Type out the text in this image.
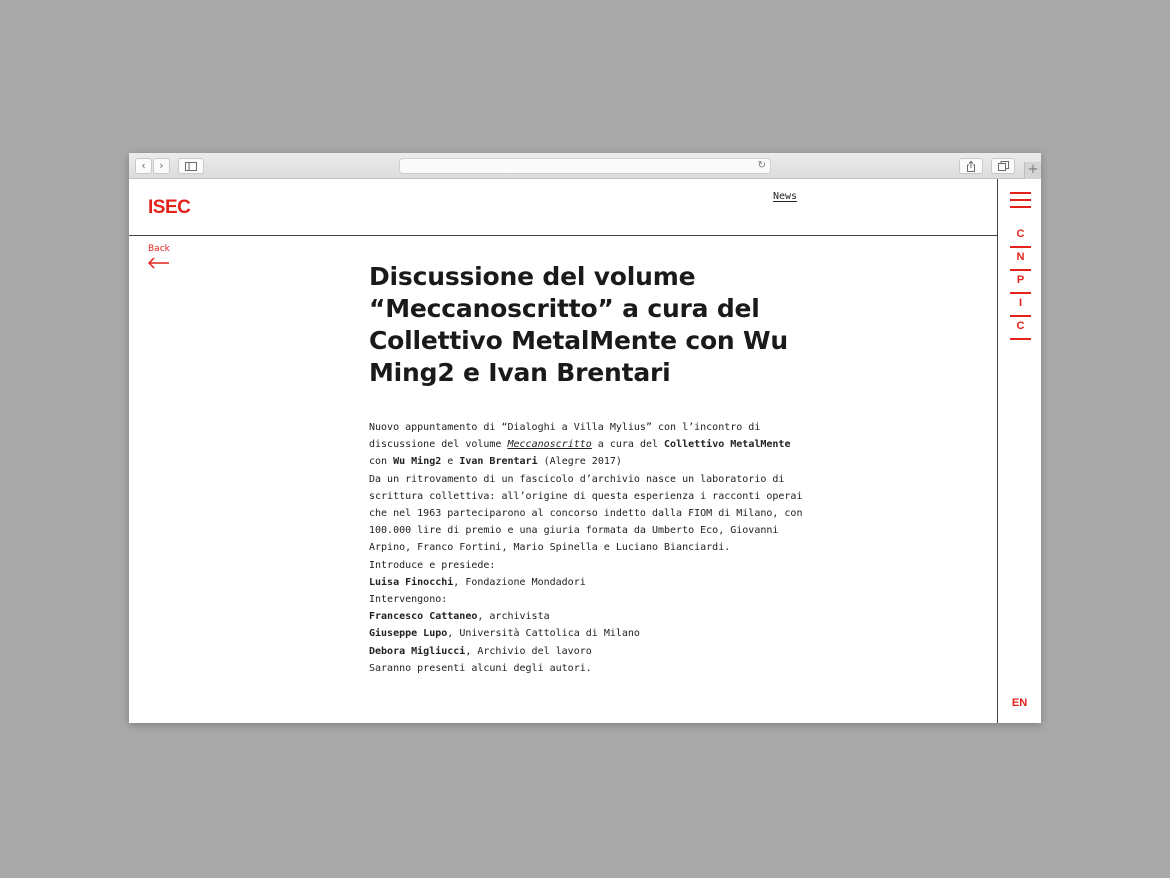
‹	›	↻	+
ISEC
News
Back
Discussione del volume “Meccanoscritto” a cura del Collettivo MetalMente con Wu Ming2 e Ivan Brentari

Nuovo appuntamento di “Dialoghi a Villa Mylius” con l’incontro di discussione del volume Meccanoscritto a cura del Collettivo MetalMente con Wu Ming2 e Ivan Brentari (Alegre 2017)

Da un ritrovamento di un fascicolo d’archivio nasce un laboratorio di scrittura collettiva: all’origine di questa esperienza i racconti operai che nel 1963 parteciparono al concorso indetto dalla FIOM di Milano, con 100.000 lire di premio e una giuria formata da Umberto Eco, Giovanni Arpino, Franco Fortini, Mario Spinella e Luciano Bianciardi.

Introduce e presiede:

Luisa Finocchi, Fondazione Mondadori

Intervengono:

Francesco Cattaneo, archivista

Giuseppe Lupo, Università Cattolica di Milano

Debora Migliucci, Archivio del lavoro

Saranno presenti alcuni degli autori.

C
N
P
I
C
EN
